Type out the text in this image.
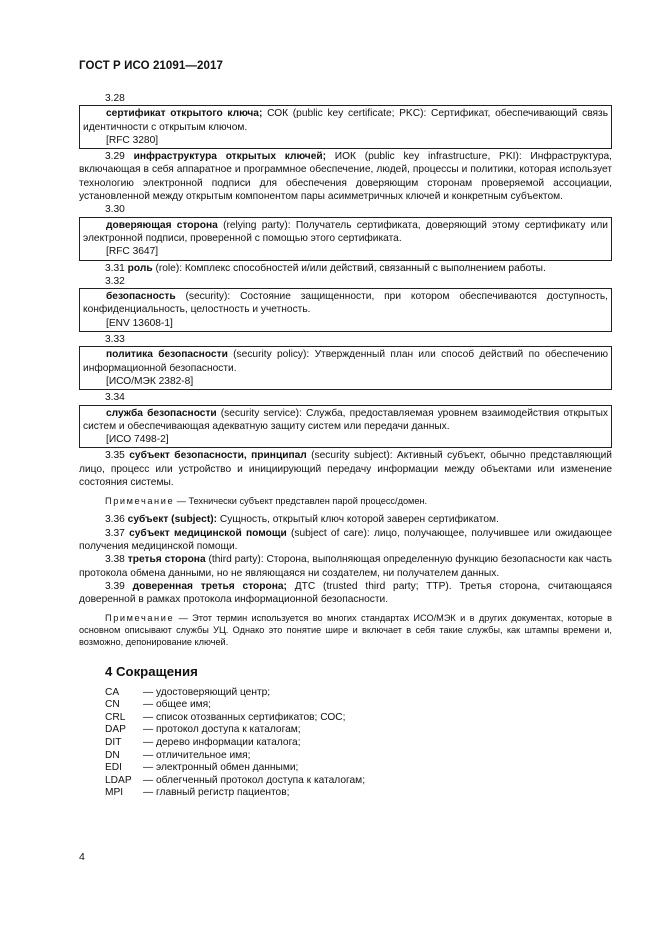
ГОСТ Р ИСО 21091—2017

3.28

сертификат открытого ключа; СОК (public key certificate; PKC): Сертификат, обеспечивающий связь идентичности с открытым ключом.

[RFC 3280]

3.29 инфраструктура открытых ключей; ИОК (public key infrastructure, PKI): Инфраструктура, включающая в себя аппаратное и программное обеспечение, людей, процессы и политики, которая использует технологию электронной подписи для обеспечения доверяющим сторонам проверяемой ассоциации, установленной между открытым компонентом пары асимметричных ключей и конкретным субъектом.

3.30

доверяющая сторона (relying party): Получатель сертификата, доверяющий этому сертификату или электронной подписи, проверенной с помощью этого сертификата.

[RFC 3647]

3.31 роль (role): Комплекс способностей и/или действий, связанный с выполнением работы.

3.32

безопасность (security): Состояние защищенности, при котором обеспечиваются доступность, конфиденциальность, целостность и учетность.

[ENV 13608-1]

3.33

политика безопасности (security policy): Утвержденный план или способ действий по обеспечению информационной безопасности.

[ИСО/МЭК 2382-8]

3.34

служба безопасности (security service): Служба, предоставляемая уровнем взаимодействия открытых систем и обеспечивающая адекватную защиту систем или передачи данных.

[ИСО 7498-2]

3.35 субъект безопасности, принципал (security subject): Активный субъект, обычно представляющий лицо, процесс или устройство и инициирующий передачу информации между объектами или изменение состояния системы.

Примечание — Технически субъект представлен парой процесс/домен.

3.36 субъект (subject): Сущность, открытый ключ которой заверен сертификатом.

3.37 субъект медицинской помощи (subject of care): лицо, получающее, получившее или ожидающее получения медицинской помощи.

3.38 третья сторона (third party): Сторона, выполняющая определенную функцию безопасности как часть протокола обмена данными, но не являющаяся ни создателем, ни получателем данных.

3.39 доверенная третья сторона; ДТС (trusted third party; TTP). Третья сторона, считающаяся доверенной в рамках протокола информационной безопасности.

Примечание — Этот термин используется во многих стандартах ИСО/МЭК и в других документах, которые в основном описывают службы УЦ. Однако это понятие шире и включает в себя такие службы, как штампы времени и, возможно, депонирование ключей.

4 Сокращения
CA	— удостоверяющий центр;
CN	— общее имя;
CRL	— список отозванных сертификатов; СОС;
DAP	— протокол доступа к каталогам;
DIT	— дерево информации каталога;
DN	— отличительное имя;
EDI	— электронный обмен данными;
LDAP	— облегченный протокол доступа к каталогам;
MPI	— главный регистр пациентов;
4
